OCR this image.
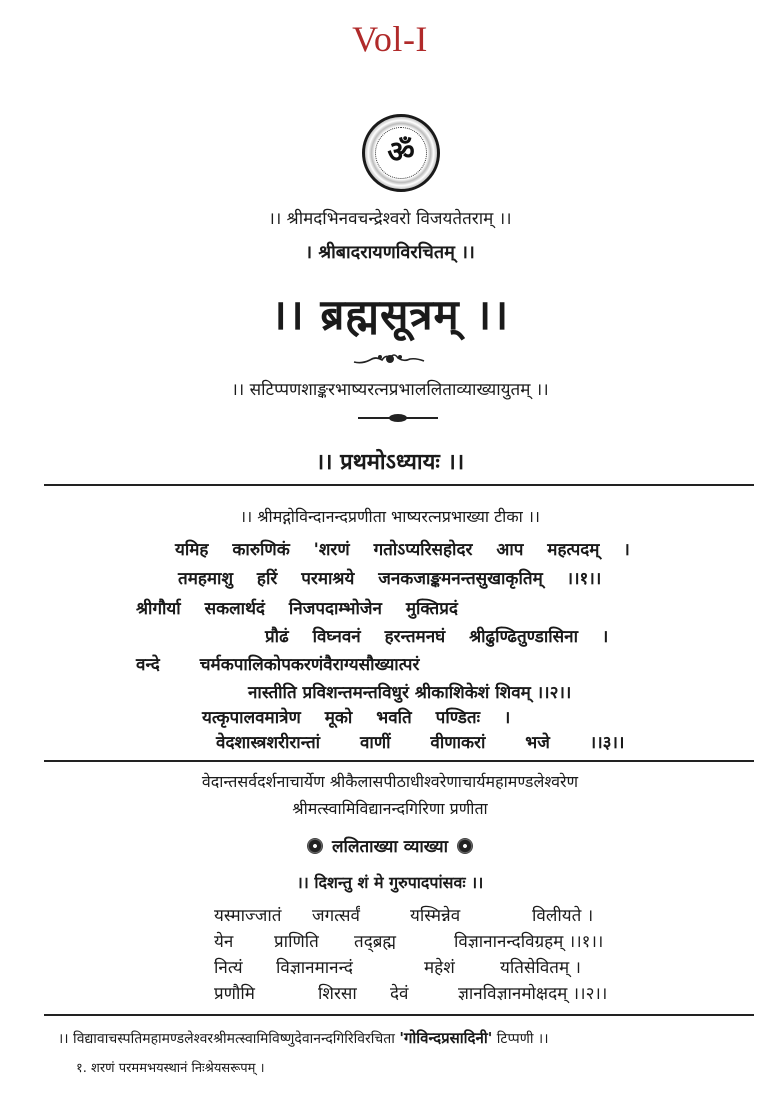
Vol-I
ॐ
।। श्रीमदभिनवचन्द्रेश्वरो विजयतेतराम् ।।
। श्रीबादरायणविरचितम् ।।
।। ब्रह्मसूत्रम् ।।
।। सटिप्पणशाङ्करभाष्यरत्नप्रभाललिताव्याख्यायुतम् ।।
।। प्रथमोऽध्यायः ।।
।। श्रीमद्गोविन्दानन्दप्रणीता भाष्यरत्नप्रभाख्या टीका ।।
यमिह कारुणिकं 'शरणं गतोऽप्यरिसहोदर आप महत्पदम् ।
तमहमाशु हरिं परमाश्रये जनकजाङ्कमनन्तसुखाकृतिम् ।।१।।
श्रीगौर्या सकलार्थदं निजपदाम्भोजेन मुक्तिप्रदं
प्रौढं विघ्नवनं हरन्तमनघं श्रीढुण्ढितुण्डासिना ।
वन्दे चर्मकपालिकोपकरणंवैराग्यसौख्यात्परं
नास्तीति प्रविशन्तमन्तविधुरं श्रीकाशिकेशं शिवम् ।।२।।
यत्कृपालवमात्रेण मूको भवति पण्डितः ।
वेदशास्त्रशरीरान्तां वाणीं वीणाकरां भजे ।।३।।
वेदान्तसर्वदर्शनाचार्येण श्रीकैलासपीठाधीश्वरेणाचार्यमहामण्डलेश्वरेण
श्रीमत्स्वामिविद्यानन्दगिरिणा प्रणीता
ललिताख्या व्याख्या
।। दिशन्तु शं मे गुरुपादपांसवः ।।
यस्माज्जातं जगत्सर्वं	यस्मिन्नेव	विलीयते ।
येन प्राणिति तद्ब्रह्म	विज्ञानानन्दविग्रहम् ।।१।।
नित्यं विज्ञानमानन्दं	महेशं	यतिसेवितम् ।
प्रणौमि	शिरसा देवं	ज्ञानविज्ञानमोक्षदम् ।।२।।
।। विद्यावाचस्पतिमहामण्डलेश्वरश्रीमत्स्वामिविष्णुदेवानन्दगिरिविरचिता 'गोविन्दप्रसादिनी' टिप्पणी ।।
१. शरणं परममभयस्थानं निःश्रेयसरूपम् ।
